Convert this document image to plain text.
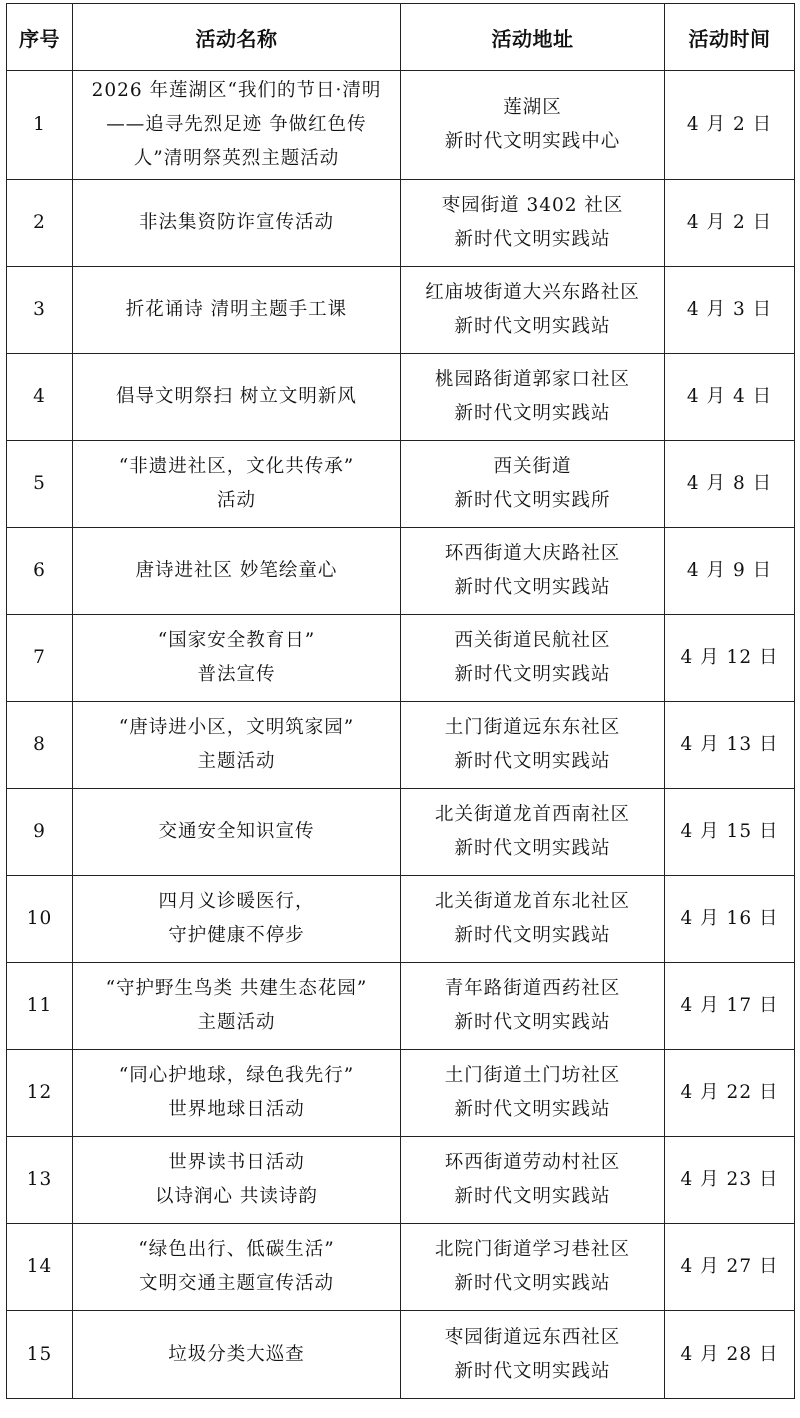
序号	活动名称	活动地址	活动时间
1	2026 年莲湖区“我们的节日·清明
——追寻先烈足迹 争做红色传
人”清明祭英烈主题活动	莲湖区
新时代文明实践中心	4 月 2 日
2	非法集资防诈宣传活动	枣园街道 3402 社区
新时代文明实践站	4 月 2 日
3	折花诵诗 清明主题手工课	红庙坡街道大兴东路社区
新时代文明实践站	4 月 3 日
4	倡导文明祭扫 树立文明新风	桃园路街道郭家口社区
新时代文明实践站	4 月 4 日
5	“非遗进社区，文化共传承”
活动	西关街道
新时代文明实践所	4 月 8 日
6	唐诗进社区 妙笔绘童心	环西街道大庆路社区
新时代文明实践站	4 月 9 日
7	“国家安全教育日”
普法宣传	西关街道民航社区
新时代文明实践站	4 月 12 日
8	“唐诗进小区，文明筑家园”
主题活动	土门街道远东东社区
新时代文明实践站	4 月 13 日
9	交通安全知识宣传	北关街道龙首西南社区
新时代文明实践站	4 月 15 日
10	四月义诊暖医行，
守护健康不停步	北关街道龙首东北社区
新时代文明实践站	4 月 16 日
11	“守护野生鸟类 共建生态花园”
主题活动	青年路街道西药社区
新时代文明实践站	4 月 17 日
12	“同心护地球，绿色我先行”
世界地球日活动	土门街道土门坊社区
新时代文明实践站	4 月 22 日
13	世界读书日活动
以诗润心 共读诗韵	环西街道劳动村社区
新时代文明实践站	4 月 23 日
14	“绿色出行、低碳生活”
文明交通主题宣传活动	北院门街道学习巷社区
新时代文明实践站	4 月 27 日
15	垃圾分类大巡查	枣园街道远东西社区
新时代文明实践站	4 月 28 日
